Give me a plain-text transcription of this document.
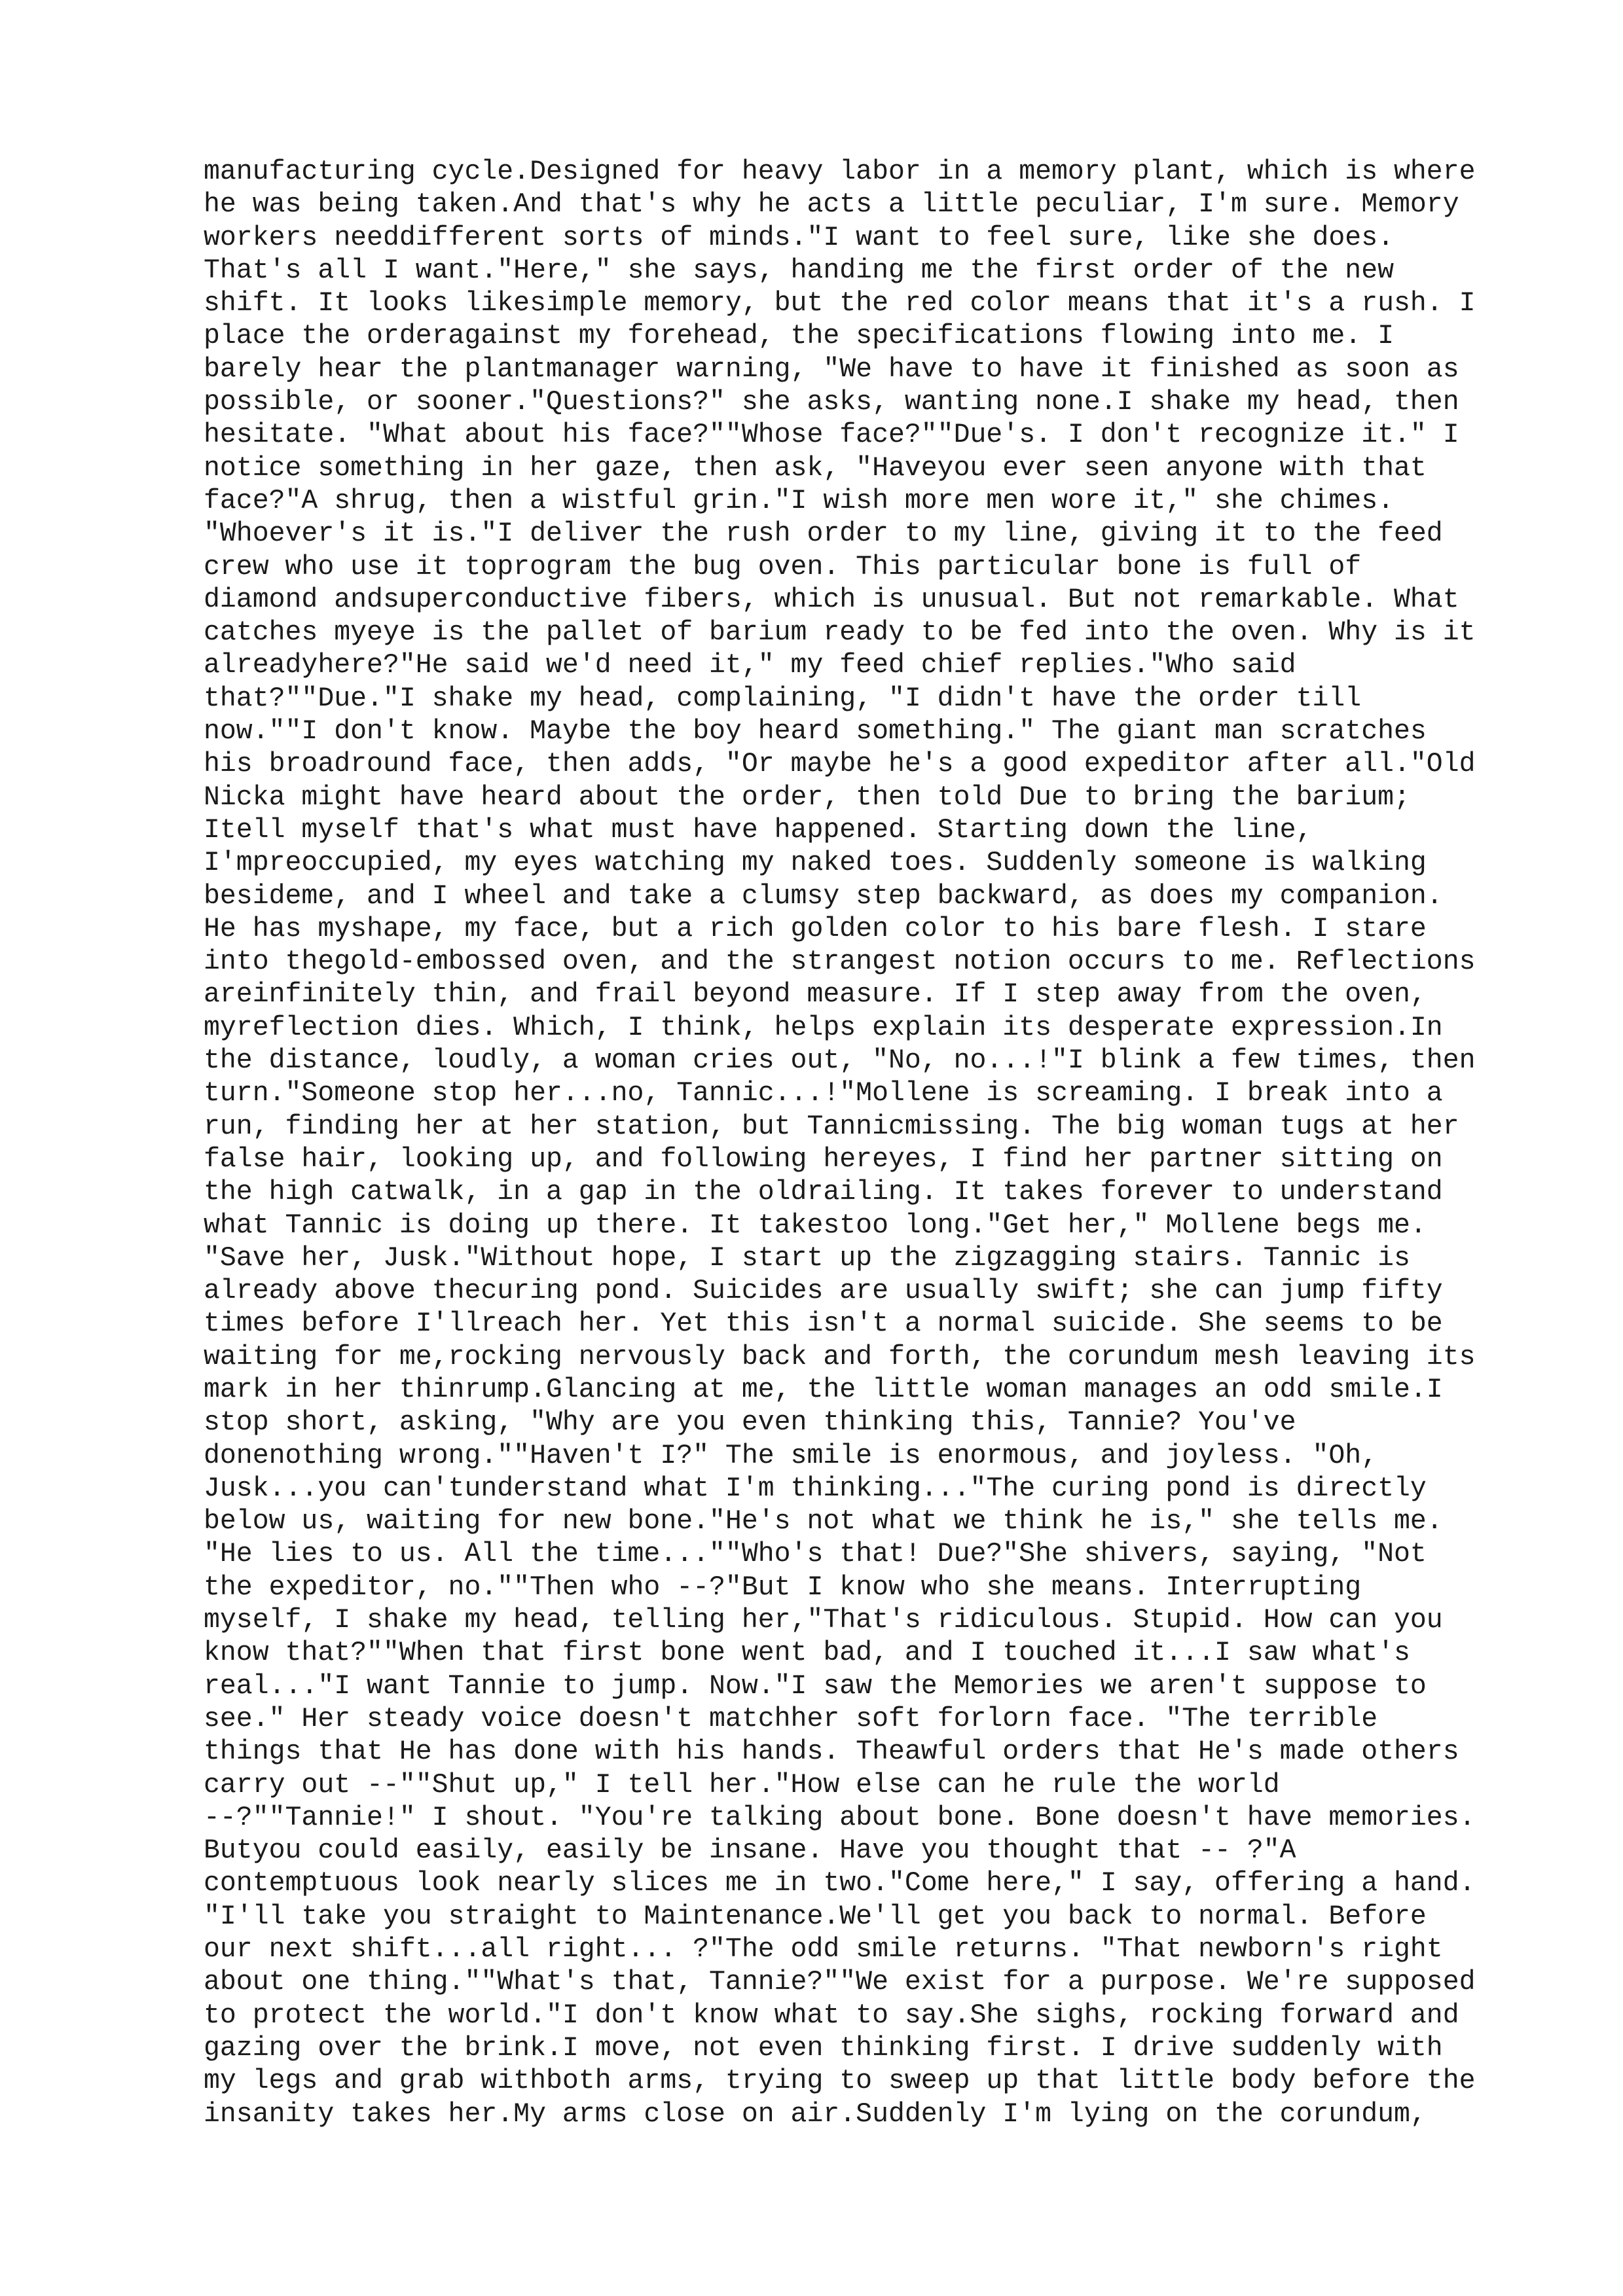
manufacturing cycle.Designed for heavy labor in a memory plant, which is where
he was being taken.And that's why he acts a little peculiar, I'm sure. Memory
workers needdifferent sorts of minds."I want to feel sure, like she does.
That's all I want."Here," she says, handing me the first order of the new
shift. It looks likesimple memory, but the red color means that it's a rush. I
place the orderagainst my forehead, the specifications flowing into me. I
barely hear the plantmanager warning, "We have to have it finished as soon as
possible, or sooner."Questions?" she asks, wanting none.I shake my head, then
hesitate. "What about his face?""Whose face?""Due's. I don't recognize it." I
notice something in her gaze, then ask, "Haveyou ever seen anyone with that
face?"A shrug, then a wistful grin."I wish more men wore it," she chimes.
"Whoever's it is."I deliver the rush order to my line, giving it to the feed
crew who use it toprogram the bug oven. This particular bone is full of
diamond andsuperconductive fibers, which is unusual. But not remarkable. What
catches myeye is the pallet of barium ready to be fed into the oven. Why is it
alreadyhere?"He said we'd need it," my feed chief replies."Who said
that?""Due."I shake my head, complaining, "I didn't have the order till
now.""I don't know. Maybe the boy heard something." The giant man scratches
his broadround face, then adds, "Or maybe he's a good expeditor after all."Old
Nicka might have heard about the order, then told Due to bring the barium;
Itell myself that's what must have happened. Starting down the line,
I'mpreoccupied, my eyes watching my naked toes. Suddenly someone is walking
besideme, and I wheel and take a clumsy step backward, as does my companion.
He has myshape, my face, but a rich golden color to his bare flesh. I stare
into thegold-embossed oven, and the strangest notion occurs to me. Reflections
areinfinitely thin, and frail beyond measure. If I step away from the oven,
myreflection dies. Which, I think, helps explain its desperate expression.In
the distance, loudly, a woman cries out, "No, no...!"I blink a few times, then
turn."Someone stop her...no, Tannic...!"Mollene is screaming. I break into a
run, finding her at her station, but Tannicmissing. The big woman tugs at her
false hair, looking up, and following hereyes, I find her partner sitting on
the high catwalk, in a gap in the oldrailing. It takes forever to understand
what Tannic is doing up there. It takestoo long."Get her," Mollene begs me.
"Save her, Jusk."Without hope, I start up the zigzagging stairs. Tannic is
already above thecuring pond. Suicides are usually swift; she can jump fifty
times before I'llreach her. Yet this isn't a normal suicide. She seems to be
waiting for me,rocking nervously back and forth, the corundum mesh leaving its
mark in her thinrump.Glancing at me, the little woman manages an odd smile.I
stop short, asking, "Why are you even thinking this, Tannie? You've
donenothing wrong.""Haven't I?" The smile is enormous, and joyless. "Oh,
Jusk...you can'tunderstand what I'm thinking..."The curing pond is directly
below us, waiting for new bone."He's not what we think he is," she tells me.
"He lies to us. All the time...""Who's that! Due?"She shivers, saying, "Not
the expeditor, no.""Then who --?"But I know who she means. Interrupting
myself, I shake my head, telling her,"That's ridiculous. Stupid. How can you
know that?""When that first bone went bad, and I touched it...I saw what's
real..."I want Tannie to jump. Now."I saw the Memories we aren't suppose to
see." Her steady voice doesn't matchher soft forlorn face. "The terrible
things that He has done with his hands. Theawful orders that He's made others
carry out --""Shut up," I tell her."How else can he rule the world
--?""Tannie!" I shout. "You're talking about bone. Bone doesn't have memories.
Butyou could easily, easily be insane. Have you thought that -- ?"A
contemptuous look nearly slices me in two."Come here," I say, offering a hand.
"I'll take you straight to Maintenance.We'll get you back to normal. Before
our next shift...all right... ?"The odd smile returns. "That newborn's right
about one thing.""What's that, Tannie?""We exist for a purpose. We're supposed
to protect the world."I don't know what to say.She sighs, rocking forward and
gazing over the brink.I move, not even thinking first. I drive suddenly with
my legs and grab withboth arms, trying to sweep up that little body before the
insanity takes her.My arms close on air.Suddenly I'm lying on the corundum,
